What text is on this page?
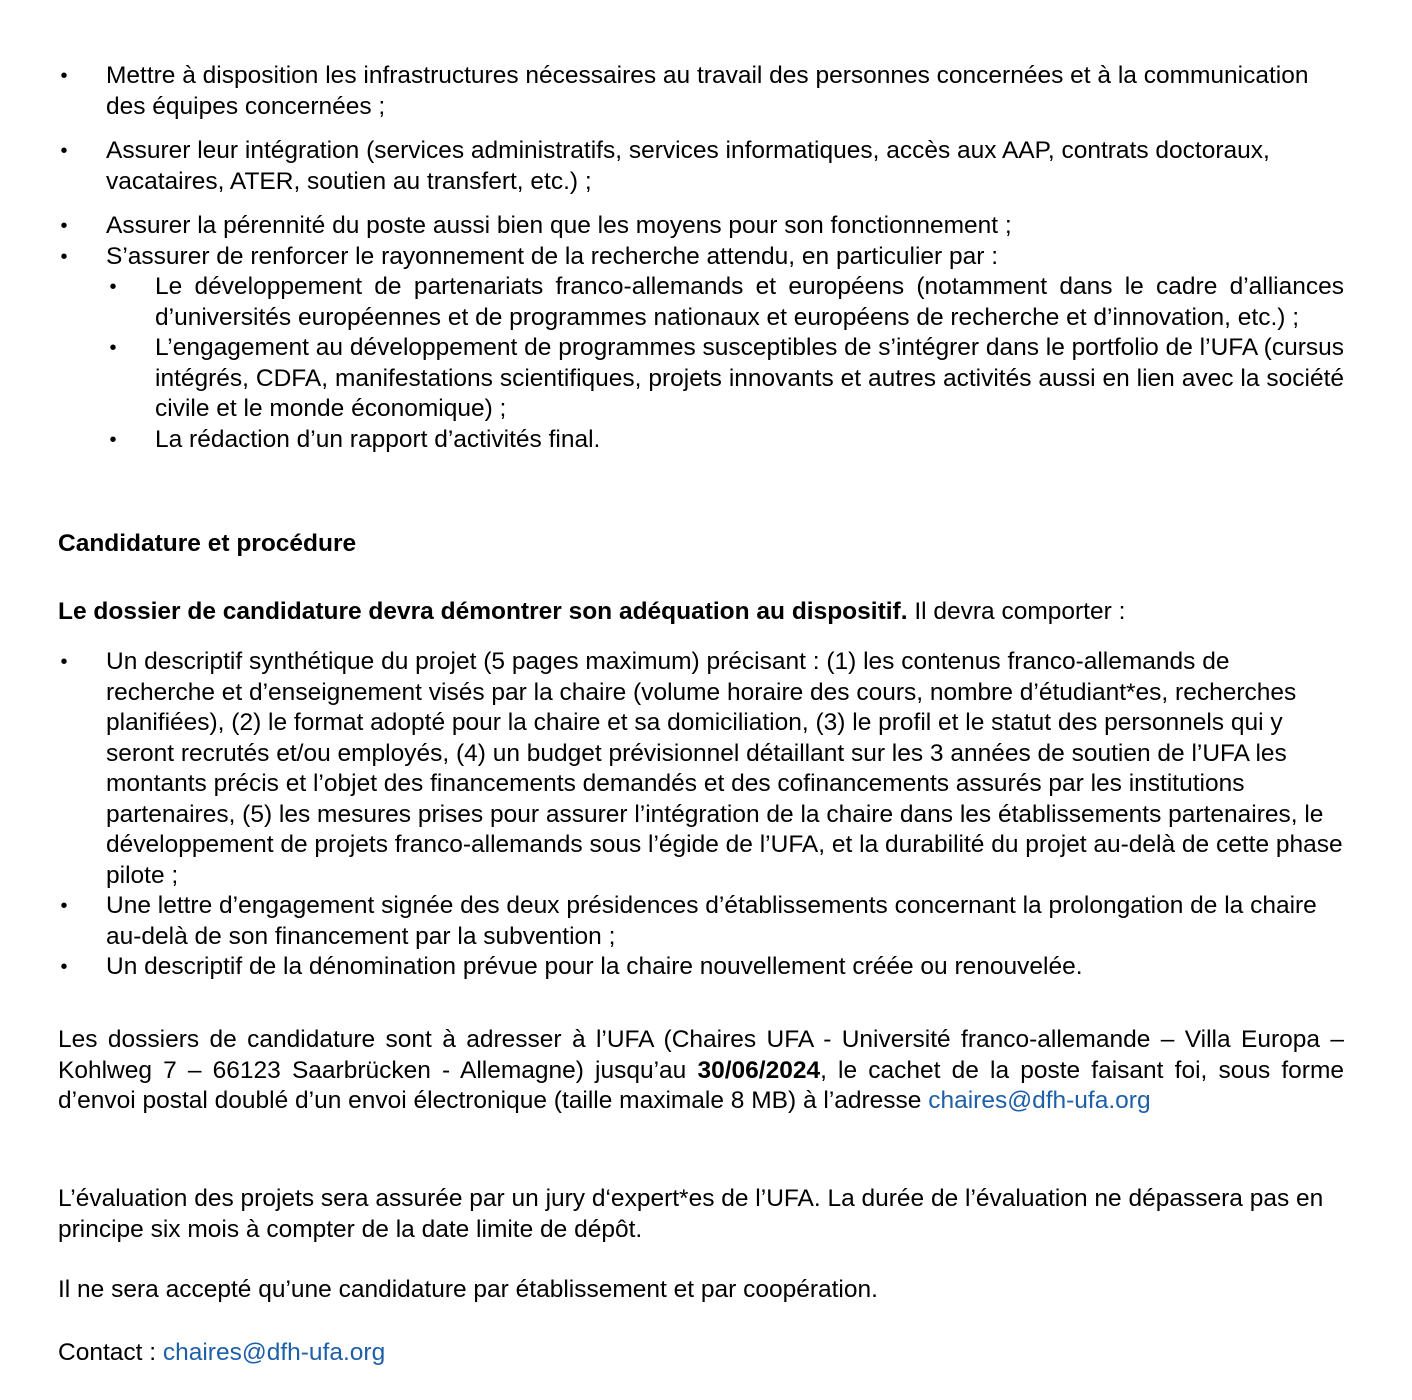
• Mettre à disposition les infrastructures nécessaires au travail des personnes concernées et à la communication des équipes concernées ;
• Assurer leur intégration (services administratifs, services informatiques, accès aux AAP, contrats doctoraux, vacataires, ATER, soutien au transfert, etc.) ;
• Assurer la pérennité du poste aussi bien que les moyens pour son fonctionnement ;
• S’assurer de renforcer le rayonnement de la recherche attendu, en particulier par :
• Le développement de partenariats franco-allemands et européens (notamment dans le cadre d’alliances d’universités européennes et de programmes nationaux et européens de recherche et d’innovation, etc.) ;
• L’engagement au développement de programmes susceptibles de s’intégrer dans le portfolio de l’UFA (cursus intégrés, CDFA, manifestations scientifiques, projets innovants et autres activités aussi en lien avec la société civile et le monde économique) ;
• La rédaction d’un rapport d’activités final.
Candidature et procédure
Le dossier de candidature devra démontrer son adéquation au dispositif. Il devra comporter :
• Un descriptif synthétique du projet (5 pages maximum) précisant : (1) les contenus franco-allemands de recherche et d’enseignement visés par la chaire (volume horaire des cours, nombre d’étudiant*es, recherches planifiées), (2) le format adopté pour la chaire et sa domiciliation, (3) le profil et le statut des personnels qui y seront recrutés et/ou employés, (4) un budget prévisionnel détaillant sur les 3 années de soutien de l’UFA les montants précis et l’objet des financements demandés et des cofinancements assurés par les institutions partenaires, (5) les mesures prises pour assurer l’intégration de la chaire dans les établissements partenaires, le développement de projets franco-allemands sous l’égide de l’UFA, et la durabilité du projet au-delà de cette phase pilote ;
• Une lettre d’engagement signée des deux présidences d’établissements concernant la prolongation de la chaire au-delà de son financement par la subvention ;
• Un descriptif de la dénomination prévue pour la chaire nouvellement créée ou renouvelée.
Les dossiers de candidature sont à adresser à l’UFA (Chaires UFA - Université franco-allemande – Villa Europa – Kohlweg 7 – 66123 Saarbrücken - Allemagne) jusqu’au 30/06/2024, le cachet de la poste faisant foi, sous forme d’envoi postal doublé d’un envoi électronique (taille maximale 8 MB) à l’adresse chaires@dfh-ufa.org
L’évaluation des projets sera assurée par un jury d‘expert*es de l’UFA. La durée de l’évaluation ne dépassera pas en principe six mois à compter de la date limite de dépôt.
Il ne sera accepté qu’une candidature par établissement et par coopération.
Contact : chaires@dfh-ufa.org
